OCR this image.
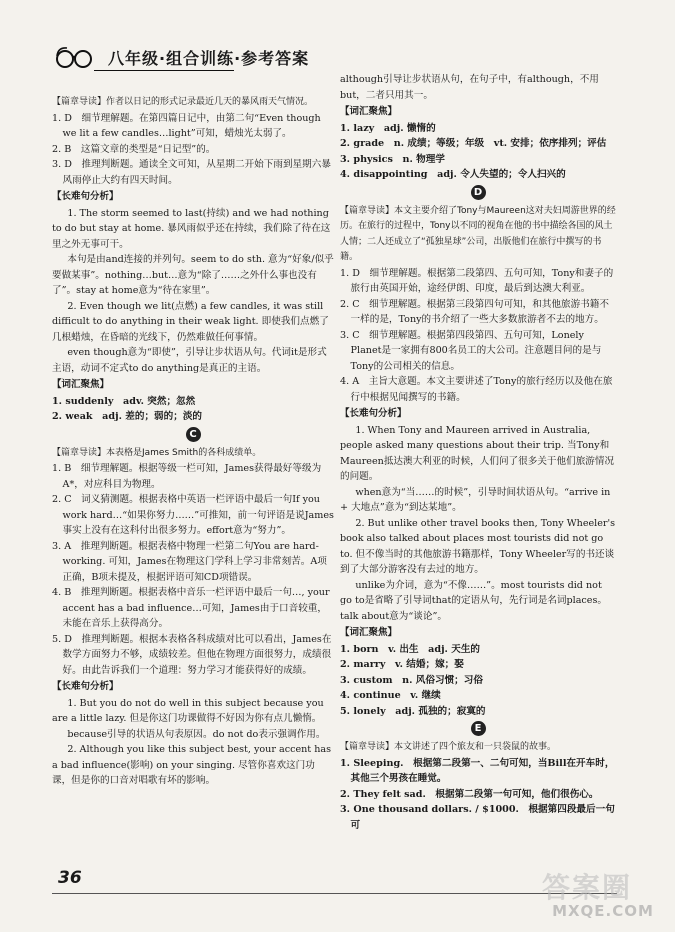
八年级·组合训练·参考答案
【篇章导读】作者以日记的形式记录最近几天的暴风雨天气情况。
1. D　细节理解题。在第四篇日记中，由第二句“Even though we lit a few candles…light”可知，蜡烛光太弱了。
2. B　这篇文章的类型是“日记型”的。
3. D　推理判断题。通读全文可知，从星期二开始下雨到星期六暴风雨停止大约有四天时间。
【长难句分析】
1. The storm seemed to last(持续) and we had nothing to do but stay at home. 暴风雨似乎还在持续，我们除了待在这里之外无事可干。
本句是由and连接的并列句。seem to do sth. 意为“好象/似乎要做某事”。nothing…but…意为“除了……之外什么事也没有了”。stay at home意为“待在家里”。
2. Even though we lit(点燃) a few candles, it was still difficult to do anything in their weak light. 即使我们点燃了几根蜡烛，在昏暗的光线下，仍然难做任何事情。
even though意为“即使”，引导让步状语从句。代词it是形式主语，动词不定式to do anything是真正的主语。
【词汇聚焦】
1. suddenly　adv. 突然；忽然
2. weak　adj. 差的；弱的；淡的
C
【篇章导读】本表格是James Smith的各科成绩单。
1. B　细节理解题。根据等级一栏可知，James获得最好等级为A*，对应科目为物理。
2. C　词义猜测题。根据表格中英语一栏评语中最后一句If you work hard…“如果你努力……”可推知，前一句评语是说James事实上没有在这科付出很多努力。effort意为“努力”。
3. A　推理判断题。根据表格中物理一栏第二句You are hard-working. 可知，James在物理这门学科上学习非常刻苦。A项正确，B项未提及，根据评语可知CD项错误。
4. B　推理判断题。根据表格中音乐一栏评语中最后一句…, your accent has a bad influence…可知，James由于口音较重，未能在音乐上获得高分。
5. D　推理判断题。根据本表格各科成绩对比可以看出，James在数学方面努力不够，成绩较差。但他在物理方面很努力，成绩很好。由此告诉我们一个道理：努力学习才能获得好的成绩。
【长难句分析】
1. But you do not do well in this subject because you are a little lazy. 但是你这门功课做得不好因为你有点儿懒惰。
because引导的状语从句表原因。do not do表示强调作用。
2. Although you like this subject best, your accent has a bad influence(影响) on your singing. 尽管你喜欢这门功课，但是你的口音对唱歌有坏的影响。
although引导让步状语从句，在句子中，有although，不用but，二者只用其一。
【词汇聚焦】
1. lazy　adj. 懒惰的
2. grade　n. 成绩；等级；年级　vt. 安排；依序排列；评估
3. physics　n. 物理学
4. disappointing　adj. 令人失望的；令人扫兴的
D
【篇章导读】本文主要介绍了Tony与Maureen这对夫妇周游世界的经历。在旅行的过程中，Tony以不同的视角在他的书中描绘各国的风土人情；二人还成立了“孤独星球”公司，出版他们在旅行中撰写的书籍。
1. D　细节理解题。根据第二段第四、五句可知，Tony和妻子的旅行由英国开始，途经伊朗、印度，最后到达澳大利亚。
2. C　细节理解题。根据第三段第四句可知，和其他旅游书籍不一样的是，Tony的书介绍了一些大多数旅游者不去的地方。
3. C　细节理解题。根据第四段第四、五句可知，Lonely Planet是一家拥有800名员工的大公司。注意题目问的是与Tony的公司相关的信息。
4. A　主旨大意题。本文主要讲述了Tony的旅行经历以及他在旅行中根据见闻撰写的书籍。
【长难句分析】
1. When Tony and Maureen arrived in Australia, people asked many questions about their trip. 当Tony和Maureen抵达澳大利亚的时候，人们问了很多关于他们旅游情况的问题。
when意为“当……的时候”，引导时间状语从句。“arrive in + 大地点”意为“到达某地”。
2. But unlike other travel books then, Tony Wheeler's book also talked about places most tourists did not go to. 但不像当时的其他旅游书籍那样，Tony Wheeler写的书还谈到了大部分游客没有去过的地方。
unlike为介词，意为“不像……”。most tourists did not go to是省略了引导词that的定语从句，先行词是名词places。talk about意为“谈论”。
【词汇聚焦】
1. born　v. 出生　adj. 天生的
2. marry　v. 结婚；嫁；娶
3. custom　n. 风俗习惯；习俗
4. continue　v. 继续
5. lonely　adj. 孤独的；寂寞的
E
【篇章导读】本文讲述了四个旅友和一只袋鼠的故事。
1. Sleeping.　根据第二段第一、二句可知，当Bill在开车时，其他三个男孩在睡觉。
2. They felt sad.　根据第二段第一句可知，他们很伤心。
3. One thousand dollars. / $1000.　根据第四段最后一句可
36	答案圈
MXQE.COM
